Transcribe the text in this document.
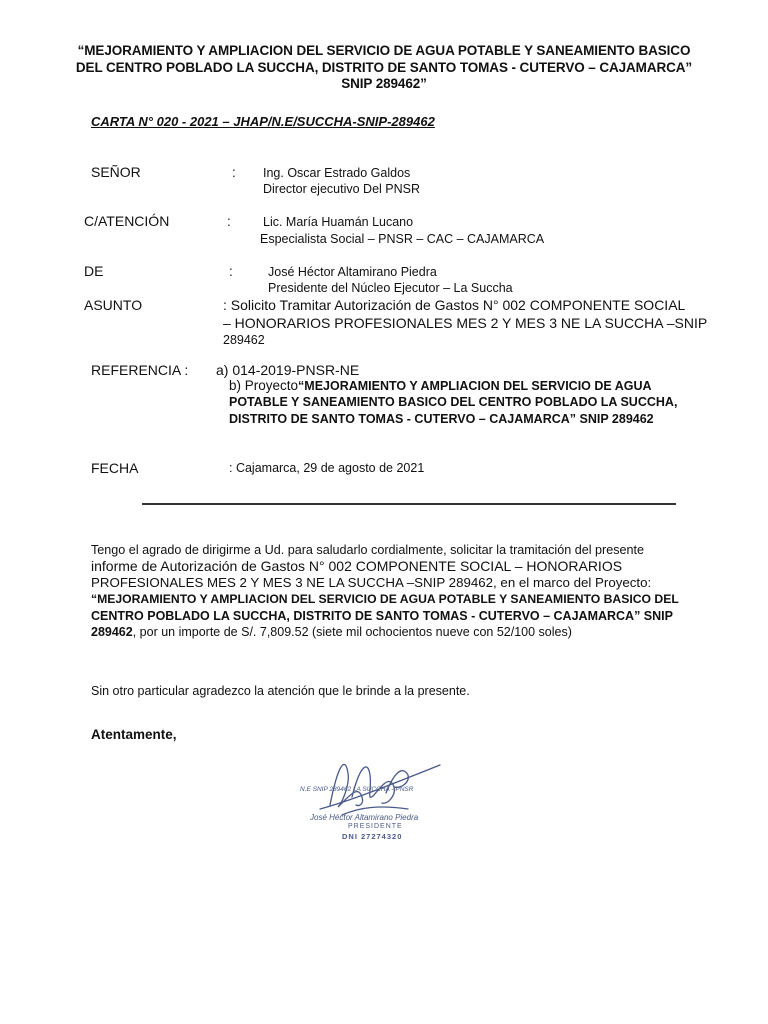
“MEJORAMIENTO Y AMPLIACION DEL SERVICIO DE AGUA POTABLE Y SANEAMIENTO BASICO
DEL CENTRO POBLADO LA SUCCHA, DISTRITO DE SANTO TOMAS - CUTERVO – CAJAMARCA”
SNIP 289462”
CARTA N° 020 - 2021 – JHAP/N.E/SUCCHA-SNIP-289462
SEÑOR	: Ing. Oscar Estrado Galdos
Director ejecutivo Del PNSR
C/ATENCIÓN	:	Lic. María Huamán Lucano
Especialista Social – PNSR – CAC – CAJAMARCA
DE	:	José Héctor Altamirano Piedra
Presidente del Núcleo Ejecutor – La Succha
ASUNTO	: Solicito Tramitar Autorización de Gastos N° 002 COMPONENTE SOCIAL
– HONORARIOS PROFESIONALES MES 2 Y MES 3 NE LA SUCCHA –SNIP
289462
REFERENCIA : a) 014-2019-PNSR-NE
b) Proyecto“MEJORAMIENTO Y AMPLIACION DEL SERVICIO DE AGUA
POTABLE Y SANEAMIENTO BASICO DEL CENTRO POBLADO LA SUCCHA,
DISTRITO DE SANTO TOMAS - CUTERVO – CAJAMARCA” SNIP 289462
FECHA	: Cajamarca, 29 de agosto de 2021
Tengo el agrado de dirigirme a Ud. para saludarlo cordialmente, solicitar la tramitación del presente
informe de Autorización de Gastos N° 002 COMPONENTE SOCIAL – HONORARIOS
PROFESIONALES MES 2 Y MES 3 NE LA SUCCHA –SNIP 289462, en el marco del Proyecto:
“MEJORAMIENTO Y AMPLIACION DEL SERVICIO DE AGUA POTABLE Y SANEAMIENTO BASICO DEL
CENTRO POBLADO LA SUCCHA, DISTRITO DE SANTO TOMAS - CUTERVO – CAJAMARCA” SNIP
289462, por un importe de S/. 7,809.52 (siete mil ochocientos nueve con 52/100 soles)
Sin otro particular agradezco la atención que le brinde a la presente.
Atentamente,
N.E SNIP 289462 LA SUCCHA - PNSR
José Héctor Altamirano Piedra
PRESIDENTE
DNI 27274320
